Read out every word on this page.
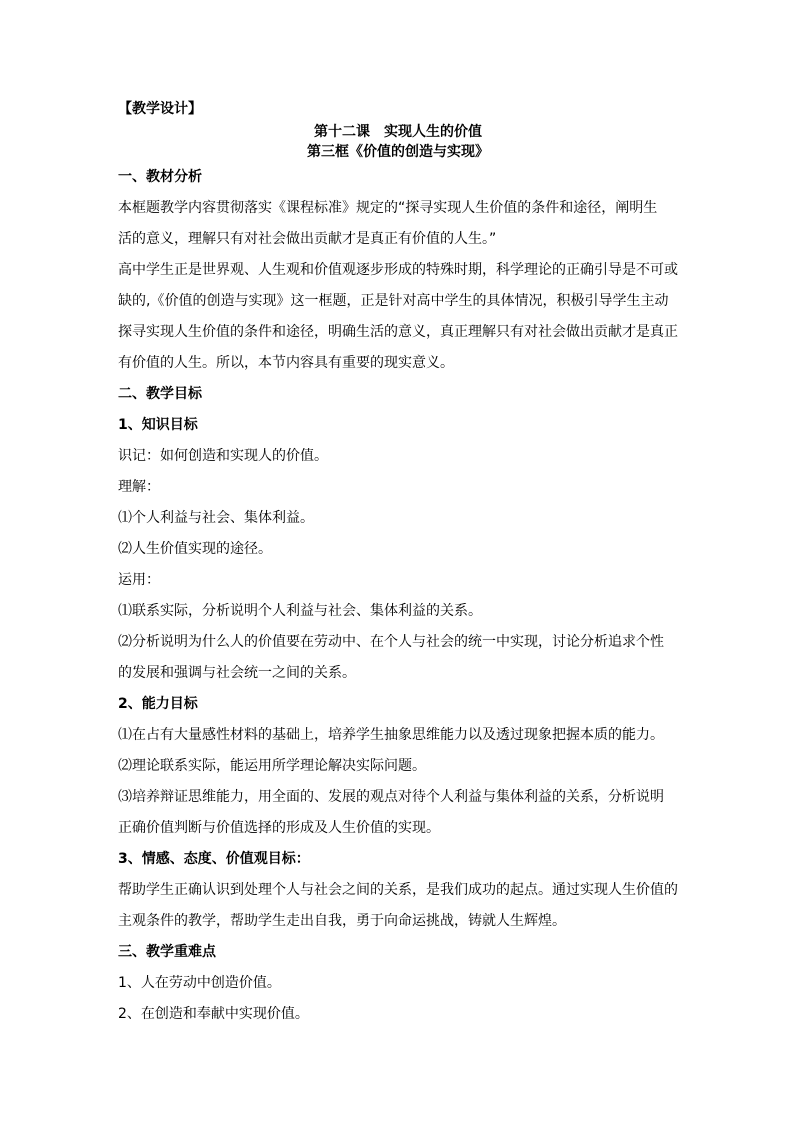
【教学设计】
第十二课　实现人生的价值
第三框《价值的创造与实现》

一、教材分析

本框题教学内容贯彻落实《课程标准》规定的“探寻实现人生价值的条件和途径，阐明生
活的意义，理解只有对社会做出贡献才是真正有价值的人生。”

高中学生正是世界观、人生观和价值观逐步形成的特殊时期，科学理论的正确引导是不可或
缺的,《价值的创造与实现》这一框题，正是针对高中学生的具体情况，积极引导学生主动
探寻实现人生价值的条件和途径，明确生活的意义，真正理解只有对社会做出贡献才是真正
有价值的人生。所以，本节内容具有重要的现实意义。

二、教学目标

1、知识目标

识记：如何创造和实现人的价值。

理解：

⑴个人利益与社会、集体利益。

⑵人生价值实现的途径。

运用：

⑴联系实际，分析说明个人利益与社会、集体利益的关系。

⑵分析说明为什么人的价值要在劳动中、在个人与社会的统一中实现，讨论分析追求个性
的发展和强调与社会统一之间的关系。

2、能力目标

⑴在占有大量感性材料的基础上，培养学生抽象思维能力以及透过现象把握本质的能力。

⑵理论联系实际，能运用所学理论解决实际问题。

⑶培养辩证思维能力，用全面的、发展的观点对待个人利益与集体利益的关系，分析说明
正确价值判断与价值选择的形成及人生价值的实现。

3、情感、态度、价值观目标：

帮助学生正确认识到处理个人与社会之间的关系，是我们成功的起点。通过实现人生价值的
主观条件的教学，帮助学生走出自我，勇于向命运挑战，铸就人生辉煌。

三、教学重难点

1、人在劳动中创造价值。

2、在创造和奉献中实现价值。
